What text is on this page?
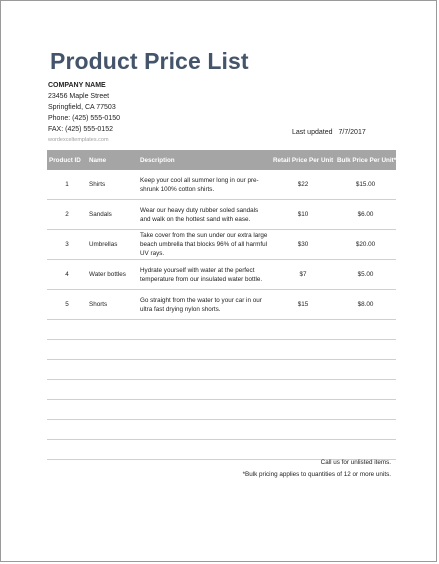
Product Price List
COMPANY NAME
23456 Maple Street
Springfield, CA 77503
Phone: (425) 555-0150
FAX: (425) 555-0152
wordexceltemplates.com
Last updated 7/7/2017
Product ID	Name	Description	Retail Price Per Unit	Bulk Price Per Unit*
1	Shirts	Keep your cool all summer long in our pre-shrunk 100% cotton shirts.	$22	$15.00
2	Sandals	Wear our heavy duty rubber soled sandals and walk on the hottest sand with ease.	$10	$6.00
3	Umbrellas	Take cover from the sun under our extra large beach umbrella that blocks 96% of all harmful UV rays.	$30	$20.00
4	Water bottles	Hydrate yourself with water at the perfect temperature from our insulated water bottle.	$7	$5.00
5	Shorts	Go straight from the water to your car in our ultra fast drying nylon shorts.	$15	$8.00

Call us for unlisted items.
*Bulk pricing applies to quantities of 12 or more units.
